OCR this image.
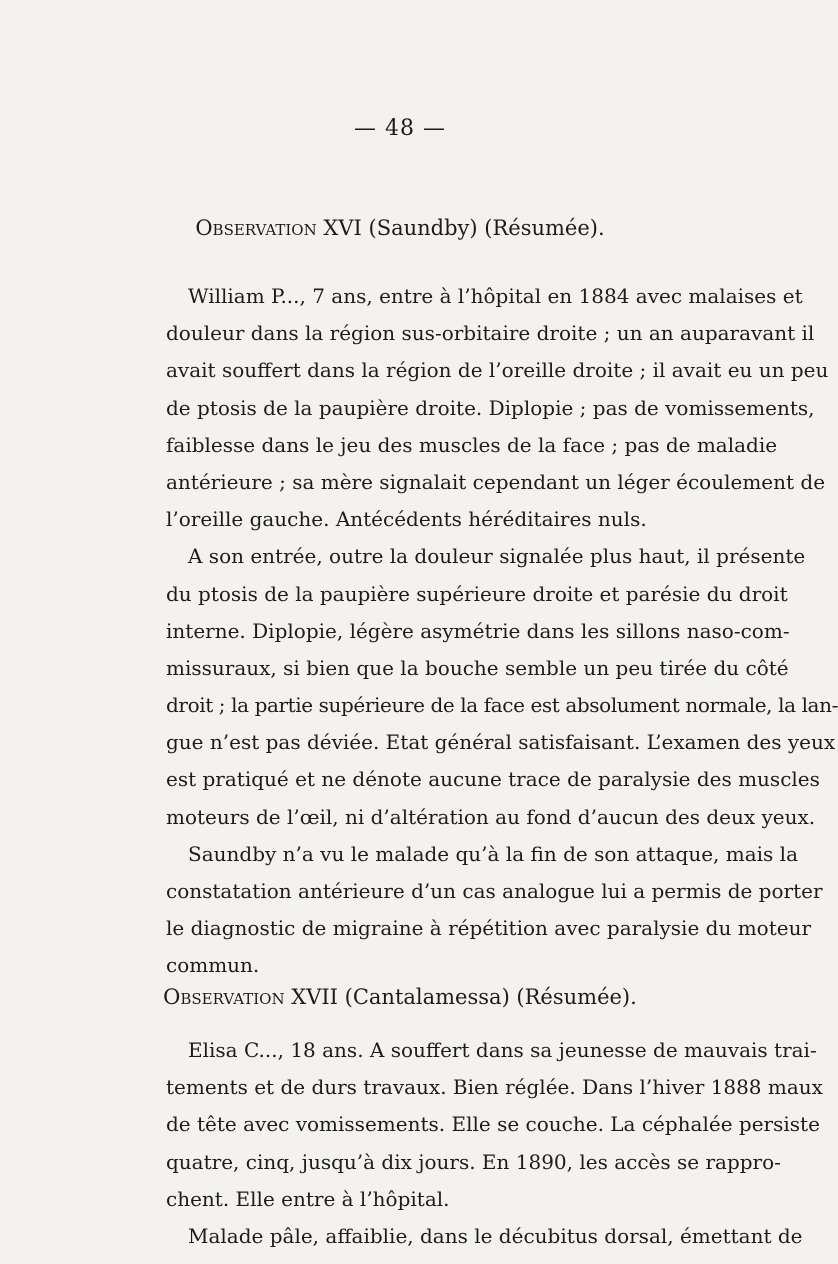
— 48 —
Observation XVI (Saundby) (Résumée).
William P..., 7 ans, entre à l’hôpital en 1884 avec malaises et
douleur dans la région sus-orbitaire droite ; un an auparavant il
avait souffert dans la région de l’oreille droite ; il avait eu un peu
de ptosis de la paupière droite. Diplopie ; pas de vomissements,
faiblesse dans le jeu des muscles de la face ; pas de maladie
antérieure ; sa mère signalait cependant un léger écoulement de
l’oreille gauche. Antécédents héréditaires nuls.
A son entrée, outre la douleur signalée plus haut, il présente
du ptosis de la paupière supérieure droite et parésie du droit
interne. Diplopie, légère asymétrie dans les sillons naso-com-
missuraux, si bien que la bouche semble un peu tirée du côté
droit ; la partie supérieure de la face est absolument normale, la lan-
gue n’est pas déviée. Etat général satisfaisant. L’examen des yeux
est pratiqué et ne dénote aucune trace de paralysie des muscles
moteurs de l’œil, ni d’altération au fond d’aucun des deux yeux.
Saundby n’a vu le malade qu’à la fin de son attaque, mais la
constatation antérieure d’un cas analogue lui a permis de porter
le diagnostic de migraine à répétition avec paralysie du moteur
commun.
Observation XVII (Cantalamessa) (Résumée).
Elisa C..., 18 ans. A souffert dans sa jeunesse de mauvais trai-
tements et de durs travaux. Bien réglée. Dans l’hiver 1888 maux
de tête avec vomissements. Elle se couche. La céphalée persiste
quatre, cinq, jusqu’à dix jours. En 1890, les accès se rappro-
chent. Elle entre à l’hôpital.
Malade pâle, affaiblie, dans le décubitus dorsal, émettant de
